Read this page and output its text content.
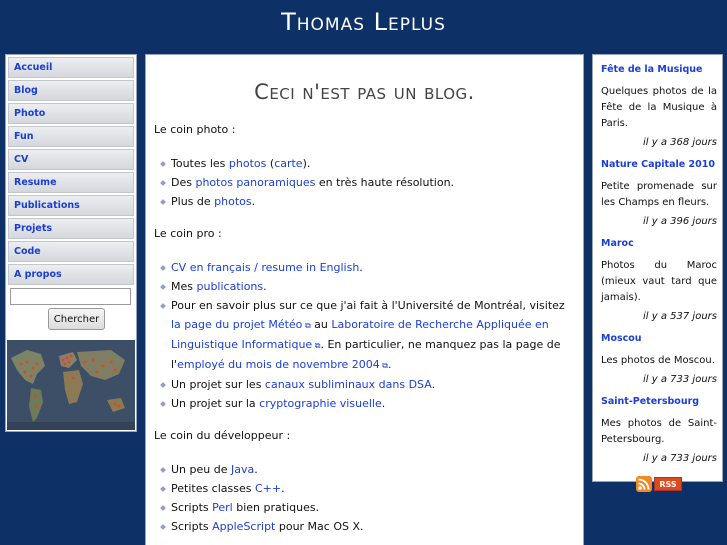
Thomas Leplus
Accueil
Blog
Photo
Fun
CV
Resume
Publications
Projets
Code
A propos
Chercher
Ceci n'est pas un blog.
Le coin photo :
Toutes les photos (carte).
Des photos panoramiques en très haute résolution.
Plus de photos.
Le coin pro :
CV en français / resume in English.
Mes publications.
Pour en savoir plus sur ce que j'ai fait à l'Université de Montréal, visitez la page du projet Météo ⧉ au Laboratoire de Recherche Appliquée en Linguistique Informatique ⧉. En particulier, ne manquez pas la page de l'employé du mois de novembre 2004 ⧉.
Un projet sur les canaux subliminaux dans DSA.
Un projet sur la cryptographie visuelle.
Le coin du développeur :
Un peu de Java.
Petites classes C++.
Scripts Perl bien pratiques.
Scripts AppleScript pour Mac OS X.
Fête de la Musique
Quelques photos de la Fête de la Musique à Paris.
il y a 368 jours
Nature Capitale 2010
Petite promenade sur les Champs en fleurs.
il y a 396 jours
Maroc
Photos du Maroc (mieux vaut tard que jamais).
il y a 537 jours
Moscou
Les photos de Moscou.
il y a 733 jours
Saint-Petersbourg
Mes photos de Saint-Petersbourg.
il y a 733 jours
RSS
